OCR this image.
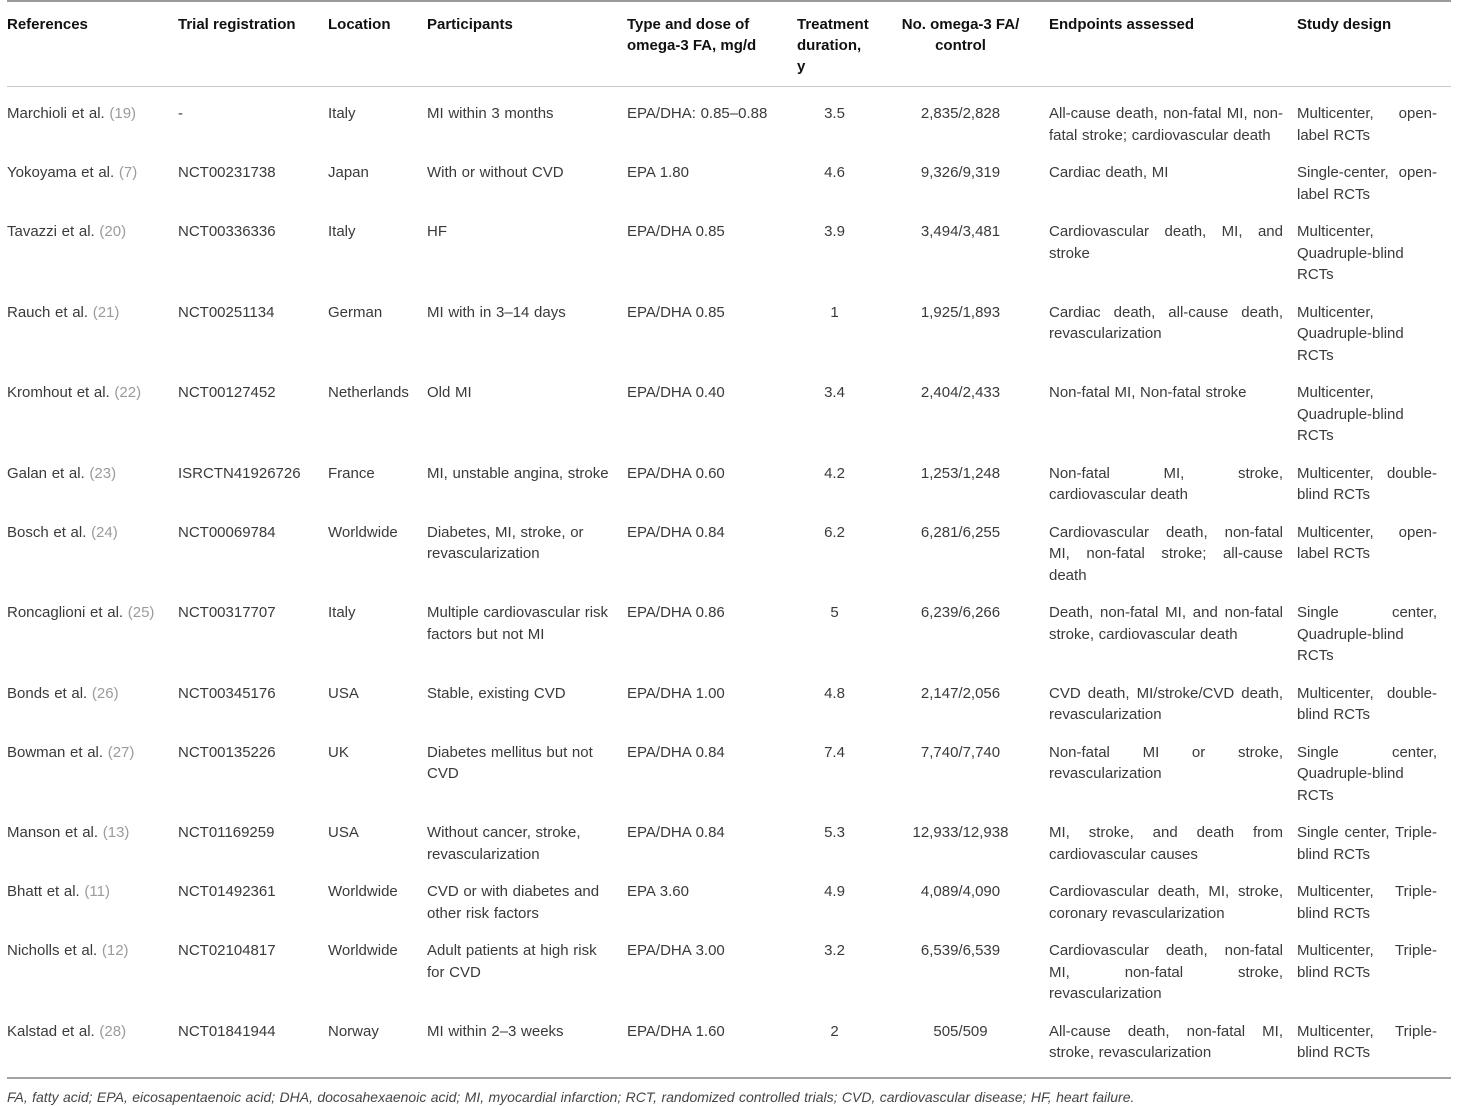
References	Trial registration	Location	Participants	Type and dose of omega-3 FA, mg/d	Treatment duration, y	No. omega-3 FA/ control	Endpoints assessed	Study design
Marchioli et al. (19)	-	Italy	MI within 3 months	EPA/DHA: 0.85–0.88	3.5	2,835/2,828	All-cause death, non-fatal MI, non-fatal stroke; cardiovascular death	Multicenter, open-label RCTs
Yokoyama et al. (7)	NCT00231738	Japan	With or without CVD	EPA 1.80	4.6	9,326/9,319	Cardiac death, MI	Single-center, open-label RCTs
Tavazzi et al. (20)	NCT00336336	Italy	HF	EPA/DHA 0.85	3.9	3,494/3,481	Cardiovascular death, MI, and stroke	Multicenter, Quadruple-blind RCTs
Rauch et al. (21)	NCT00251134	German	MI with in 3–14 days	EPA/DHA 0.85	1	1,925/1,893	Cardiac death, all-cause death, revascularization	Multicenter, Quadruple-blind RCTs
Kromhout et al. (22)	NCT00127452	Netherlands	Old MI	EPA/DHA 0.40	3.4	2,404/2,433	Non-fatal MI, Non-fatal stroke	Multicenter, Quadruple-blind RCTs
Galan et al. (23)	ISRCTN41926726	France	MI, unstable angina, stroke	EPA/DHA 0.60	4.2	1,253/1,248	Non-fatal MI, stroke, cardiovascular death	Multicenter, double-blind RCTs
Bosch et al. (24)	NCT00069784	Worldwide	Diabetes, MI, stroke, or revascularization	EPA/DHA 0.84	6.2	6,281/6,255	Cardiovascular death, non-fatal MI, non-fatal stroke; all-cause death	Multicenter, open-label RCTs
Roncaglioni et al. (25)	NCT00317707	Italy	Multiple cardiovascular risk factors but not MI	EPA/DHA 0.86	5	6,239/6,266	Death, non-fatal MI, and non-fatal stroke, cardiovascular death	Single center, Quadruple-blind RCTs
Bonds et al. (26)	NCT00345176	USA	Stable, existing CVD	EPA/DHA 1.00	4.8	2,147/2,056	CVD death, MI/stroke/CVD death, revascularization	Multicenter, double-blind RCTs
Bowman et al. (27)	NCT00135226	UK	Diabetes mellitus but not CVD	EPA/DHA 0.84	7.4	7,740/7,740	Non-fatal MI or stroke, revascularization	Single center, Quadruple-blind RCTs
Manson et al. (13)	NCT01169259	USA	Without cancer, stroke, revascularization	EPA/DHA 0.84	5.3	12,933/12,938	MI, stroke, and death from cardiovascular causes	Single center, Triple-blind RCTs
Bhatt et al. (11)	NCT01492361	Worldwide	CVD or with diabetes and other risk factors	EPA 3.60	4.9	4,089/4,090	Cardiovascular death, MI, stroke, coronary revascularization	Multicenter, Triple-blind RCTs
Nicholls et al. (12)	NCT02104817	Worldwide	Adult patients at high risk for CVD	EPA/DHA 3.00	3.2	6,539/6,539	Cardiovascular death, non-fatal MI, non-fatal stroke, revascularization	Multicenter, Triple-blind RCTs
Kalstad et al. (28)	NCT01841944	Norway	MI within 2–3 weeks	EPA/DHA 1.60	2	505/509	All-cause death, non-fatal MI, stroke, revascularization	Multicenter, Triple-blind RCTs
FA, fatty acid; EPA, eicosapentaenoic acid; DHA, docosahexaenoic acid; MI, myocardial infarction; RCT, randomized controlled trials; CVD, cardiovascular disease; HF, heart failure.
